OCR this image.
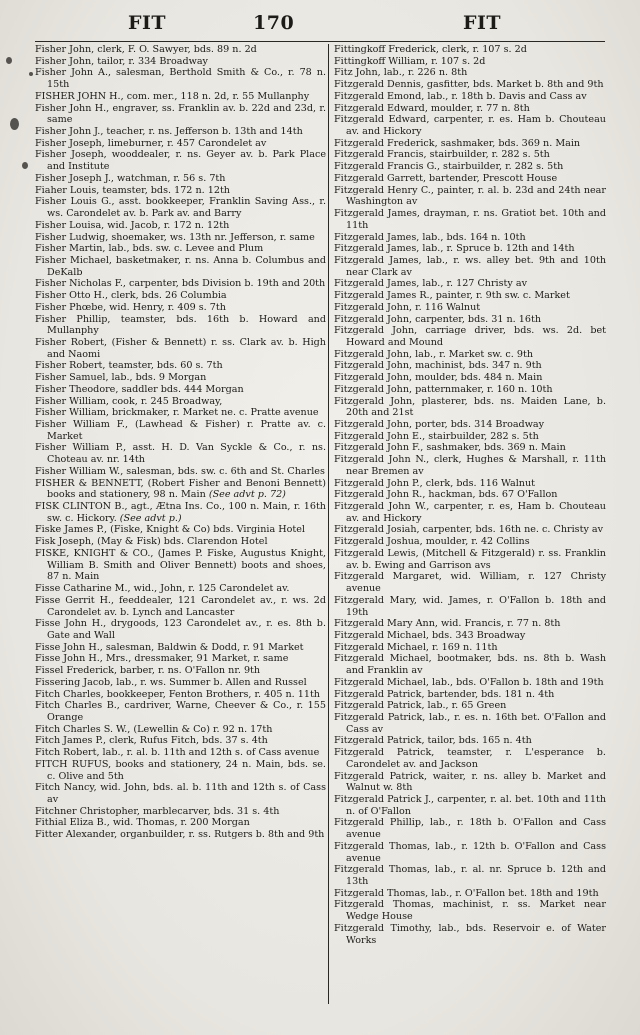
FIT	170	FIT
Fisher John, clerk, F. O. Sawyer, bds. 89 n. 2d
Fisher John, tailor, r. 334 Broadway
Fisher John A., salesman, Berthold Smith & Co., r. 78 n. 15th
FISHER JOHN H., com. mer., 118 n. 2d, r. 55 Mullanphy
Fisher John H., engraver, ss. Franklin av. b. 22d and 23d, r. same
Fisher John J., teacher, r. ns. Jefferson b. 13th and 14th
Fisher Joseph, limeburner, r. 457 Carondelet av
Fisher Joseph, wooddealer, r. ns. Geyer av. b. Park Place and Institute
Fisher Joseph J., watchman, r. 56 s. 7th
Fiaher Louis, teamster, bds. 172 n. 12th
Fisher Louis G., asst. bookkeeper, Franklin Saving Ass., r. ws. Carondelet av. b. Park av. and Barry
Fisher Louisa, wid. Jacob, r. 172 n. 12th
Fisher Ludwig, shoemaker, ws. 13th nr. Jefferson, r. same
Fisher Martin, lab., bds. sw. c. Levee and Plum
Fisher Michael, basketmaker, r. ns. Anna b. Columbus and DeKalb
Fisher Nicholas F., carpenter, bds Division b. 19th and 20th
Fisher Otto H., clerk, bds. 26 Columbia
Fisher Phœbe, wid. Henry, r. 409 s. 7th
Fisher Phillip, teamster, bds. 16th b. Howard and Mullanphy
Fisher Robert, (Fisher & Bennett) r. ss. Clark av. b. High and Naomi
Fisher Robert, teamster, bds. 60 s. 7th
Fisher Samuel, lab., bds. 9 Morgan
Fisher Theodore, saddler bds. 444 Morgan
Fisher William, cook, r. 245 Broadway,
Fisher William, brickmaker, r. Market ne. c. Pratte avenue
Fisher William F., (Lawhead & Fisher) r. Pratte av. c. Market
Fisher William P., asst. H. D. Van Syckle & Co., r. ns. Choteau av. nr. 14th
Fisher William W., salesman, bds. sw. c. 6th and St. Charles
FISHER & BENNETT, (Robert Fisher and Benoni Bennett) books and stationery, 98 n. Main (See advt p. 72)
FISK CLINTON B., agt., Ætna Ins. Co., 100 n. Main, r. 16th sw. c. Hickory. (See advt p.)
Fiske James P., (Fiske, Knight & Co) bds. Virginia Hotel
Fisk Joseph, (May & Fisk) bds. Clarendon Hotel
FISKE, KNIGHT & CO., (James P. Fiske, Augustus Knight, William B. Smith and Oliver Bennett) boots and shoes, 87 n. Main
Fisse Catharine M., wid., John, r. 125 Carondelet av.
Fisse Gerrit H., feeddealer, 121 Carondelet av., r. ws. 2d Carondelet av. b. Lynch and Lancaster
Fisse John H., drygoods, 123 Carondelet av., r. es. 8th b. Gate and Wall
Fisse John H., salesman, Baldwin & Dodd, r. 91 Market
Fisse John H., Mrs., dressmaker, 91 Market, r. same
Fissel Frederick, barber, r. ns. O'Fallon nr. 9th
Fissering Jacob, lab., r. ws. Summer b. Allen and Russel
Fitch Charles, bookkeeper, Fenton Brothers, r. 405 n. 11th
Fitch Charles B., cardriver, Warne, Cheever & Co., r. 155 Orange
Fitch Charles S. W., (Lewellin & Co) r. 92 n. 17th
Fitch James P., clerk, Rufus Fitch, bds. 37 s. 4th
Fitch Robert, lab., r. al. b. 11th and 12th s. of Cass avenue
FITCH RUFUS, books and stationery, 24 n. Main, bds. se. c. Olive and 5th
Fitch Nancy, wid. John, bds. al. b. 11th and 12th s. of Cass av
Fitchner Christopher, marblecarver, bds. 31 s. 4th
Fithial Eliza B., wid. Thomas, r. 200 Morgan
Fitter Alexander, organbuilder, r. ss. Rutgers b. 8th and 9th
Fittingkoff Frederick, clerk, r. 107 s. 2d
Fittingkoff William, r. 107 s. 2d
Fitz John, lab., r. 226 n. 8th
Fitzgerald Dennis, gasfitter, bds. Market b. 8th and 9th
Fitzgerald Emond, lab., r. 18th b. Davis and Cass av
Fitzgerald Edward, moulder, r. 77 n. 8th
Fitzgerald Edward, carpenter, r. es. Ham b. Chouteau av. and Hickory
Fitzgerald Frederick, sashmaker, bds. 369 n. Main
Fitzgerald Francis, stairbuilder, r. 282 s. 5th
Fitzgerald Francis G., stairbuilder, r. 282 s. 5th
Fitzgerald Garrett, bartender, Prescott House
Fitzgerald Henry C., painter, r. al. b. 23d and 24th near Washington av
Fitzgerald James, drayman, r. ns. Gratiot bet. 10th and 11th
Fitzgerald James, lab., bds. 164 n. 10th
Fitzgerald James, lab., r. Spruce b. 12th and 14th
Fitzgerald James, lab., r. ws. alley bet. 9th and 10th near Clark av
Fitzgerald James, lab., r. 127 Christy av
Fitzgerald James R., painter, r. 9th sw. c. Market
Fitzgerald John, r. 116 Walnut
Fitzgerald John, carpenter, bds. 31 n. 16th
Fitzgerald John, carriage driver, bds. ws. 2d. bet Howard and Mound
Fitzgerald John, lab., r. Market sw. c. 9th
Fitzgerald John, machinist, bds. 347 n. 9th
Fitzgerald John, moulder, bds. 484 n. Main
Fitzgerald John, patternmaker, r. 160 n. 10th
Fitzgerald John, plasterer, bds. ns. Maiden Lane, b. 20th and 21st
Fitzgerald John, porter, bds. 314 Broadway
Fitzgerald John E., stairbuilder, 282 s. 5th
Fitzgerald John F., sashmaker, bds. 369 n. Main
Fitzgerald John N., clerk, Hughes & Marshall, r. 11th near Bremen av
Fitzgerald John P., clerk, bds. 116 Walnut
Fitzgerald John R., hackman, bds. 67 O'Fallon
Fitzgerald John W., carpenter, r. es, Ham b. Chouteau av. and Hickory
Fitzgerald Josiah, carpenter, bds. 16th ne. c. Christy av
Fitzgerald Joshua, moulder, r. 42 Collins
Fitzgerald Lewis, (Mitchell & Fitzgerald) r. ss. Franklin av. b. Ewing and Garrison avs
Fitzgerald Margaret, wid. William, r. 127 Christy avenue
Fitzgerald Mary, wid. James, r. O'Fallon b. 18th and 19th
Fitzgerald Mary Ann, wid. Francis, r. 77 n. 8th
Fitzgerald Michael, bds. 343 Broadway
Fitzgerald Michael, r. 169 n. 11th
Fitzgerald Michael, bootmaker, bds. ns. 8th b. Wash and Franklin av
Fitzgerald Michael, lab., bds. O'Fallon b. 18th and 19th
Fitzgerald Patrick, bartender, bds. 181 n. 4th
Fitzgerald Patrick, lab., r. 65 Green
Fitzgerald Patrick, lab., r. es. n. 16th bet. O'Fallon and Cass av
Fitzgerald Patrick, tailor, bds. 165 n. 4th
Fitzgerald Patrick, teamster, r. L'esperance b. Carondelet av. and Jackson
Fitzgerald Patrick, waiter, r. ns. alley b. Market and Walnut w. 8th
Fitzgerald Patrick J., carpenter, r. al. bet. 10th and 11th n. of O'Fallon
Fitzgerald Phillip, lab., r. 18th b. O'Fallon and Cass avenue
Fitzgerald Thomas, lab., r. 12th b. O'Fallon and Cass avenue
Fitzgerald Thomas, lab., r. al. nr. Spruce b. 12th and 13th
Fitzgerald Thomas, lab., r. O'Fallon bet. 18th and 19th
Fitzgerald Thomas, machinist, r. ss. Market near Wedge House
Fitzgerald Timothy, lab., bds. Reservoir e. of Water Works
